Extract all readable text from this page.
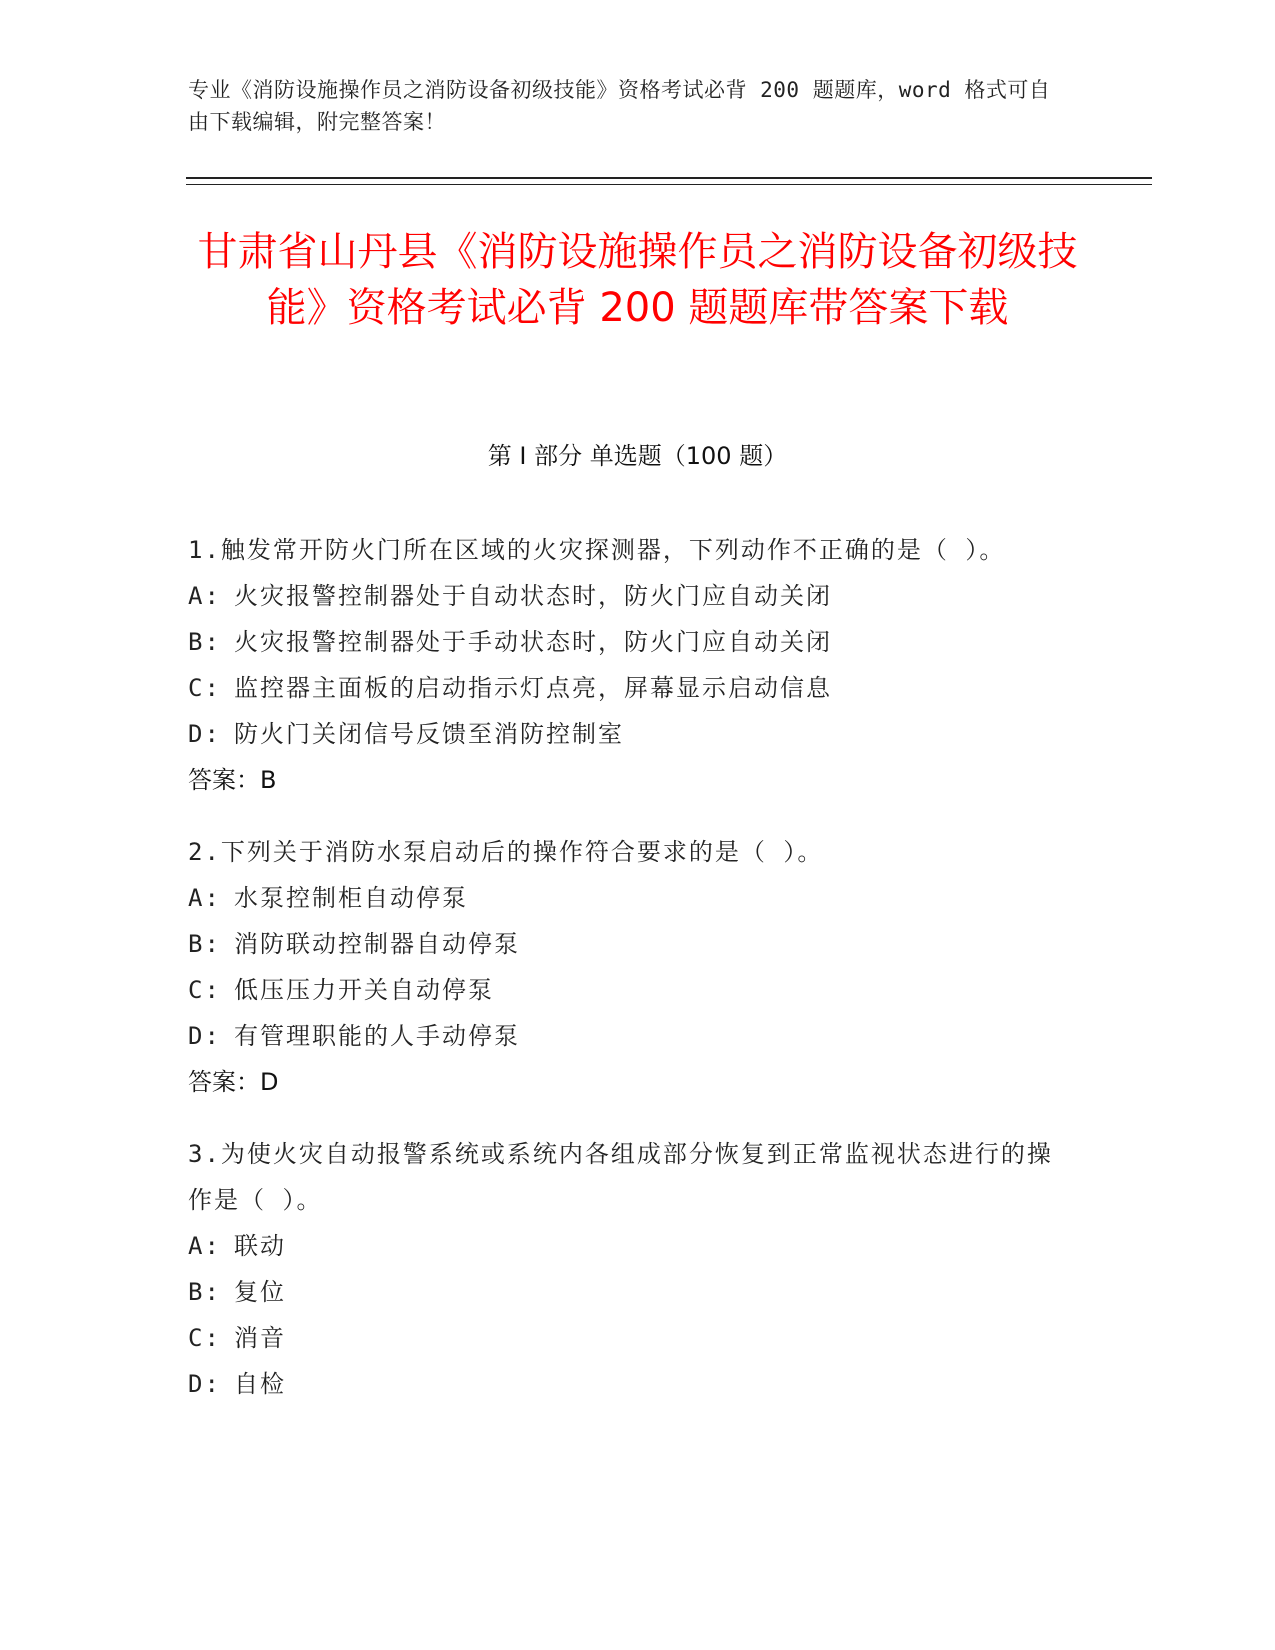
专业《消防设施操作员之消防设备初级技能》资格考试必背 200 题题库，word 格式可自由下载编辑，附完整答案！
甘肃省山丹县《消防设施操作员之消防设备初级技能》资格考试必背 200 题题库带答案下载
第 I 部分 单选题（100 题）

1.触发常开防火门所在区域的火灾探测器，下列动作不正确的是（ ）。

A: 火灾报警控制器处于自动状态时，防火门应自动关闭

B: 火灾报警控制器处于手动状态时，防火门应自动关闭

C: 监控器主面板的启动指示灯点亮，屏幕显示启动信息

D: 防火门关闭信号反馈至消防控制室

答案：B

2.下列关于消防水泵启动后的操作符合要求的是（ ）。

A: 水泵控制柜自动停泵

B: 消防联动控制器自动停泵

C: 低压压力开关自动停泵

D: 有管理职能的人手动停泵

答案：D

3.为使火灾自动报警系统或系统内各组成部分恢复到正常监视状态进行的操作是（ ）。

A: 联动

B: 复位

C: 消音

D: 自检
